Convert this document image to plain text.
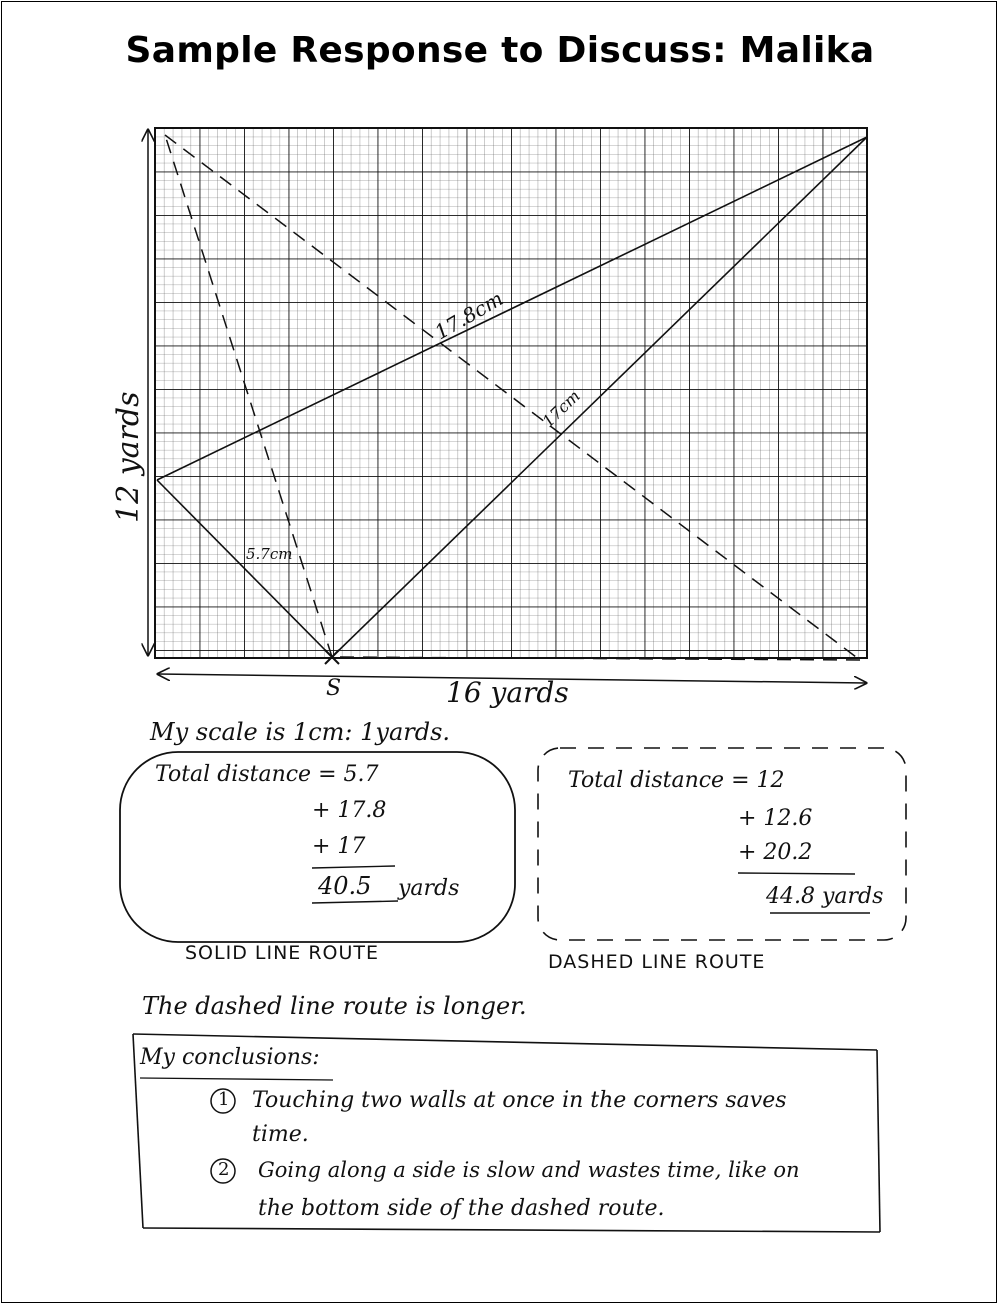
Sample Response to Discuss: Malika
12 yards
17.8cm
17cm
5.7cm
S	16 yards
My scale is 1cm: 1yards.
Total distance = 5.7
+ 17.8
+ 17
40.5 yards
SOLID LINE ROUTE
Total distance = 12
+ 12.6
+ 20.2
44.8 yards
DASHED LINE ROUTE
The dashed line route is longer.
My conclusions:
1 Touching two walls at once in the corners saves
time.
2 Going along a side is slow and wastes time, like on
the bottom side of the dashed route.
